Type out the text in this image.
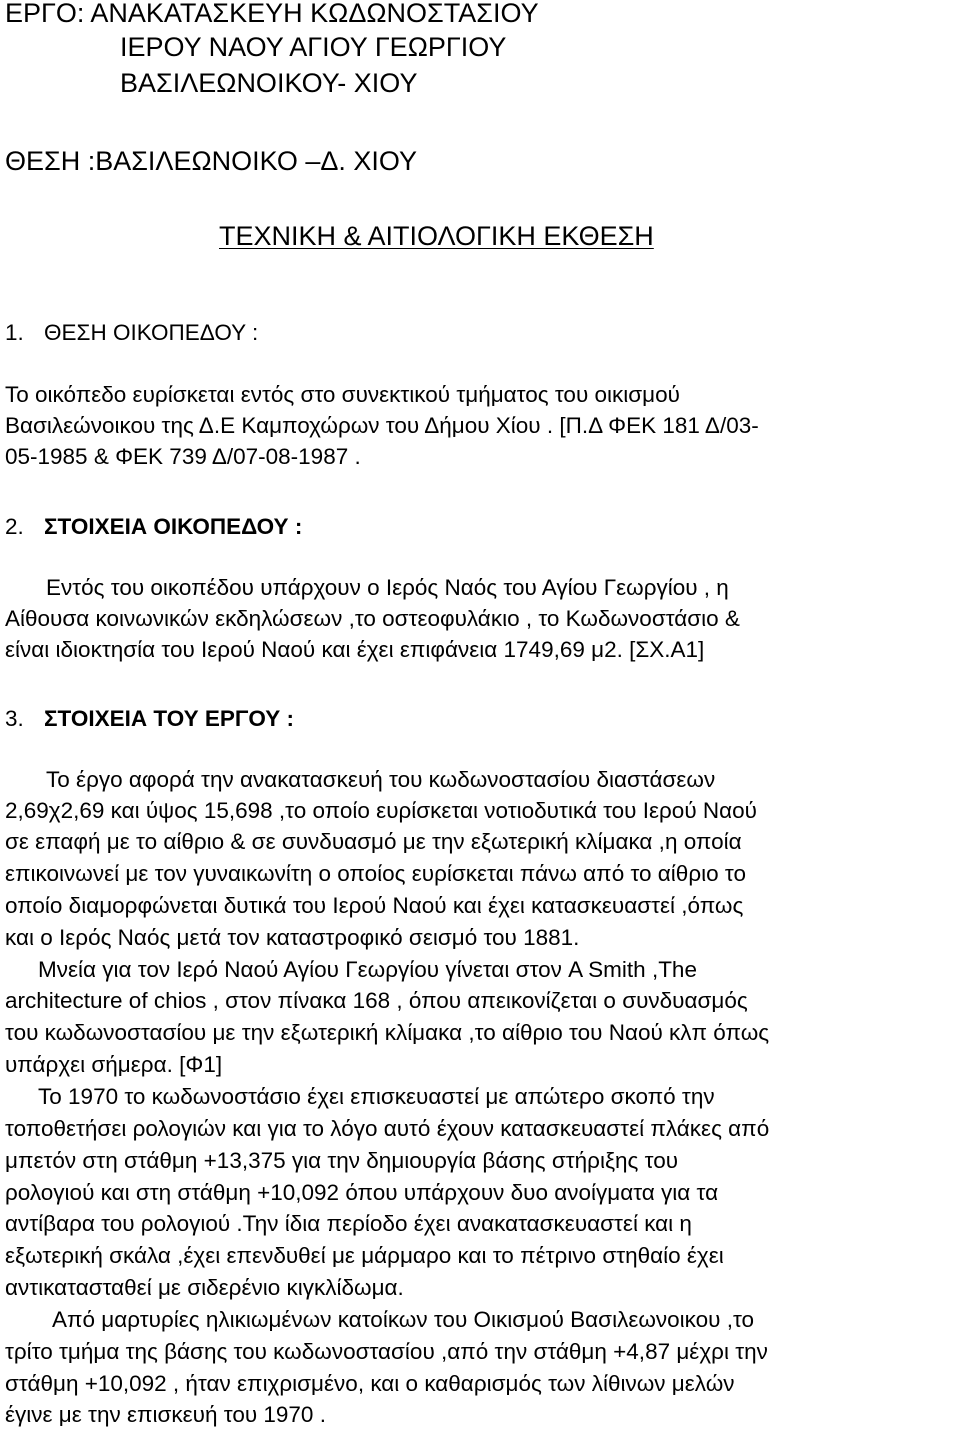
ΕΡΓΟ: ΑΝΑΚΑΤΑΣΚΕΥΗ ΚΩΔΩΝΟΣΤΑΣΙΟΥ
ΙΕΡΟΥ ΝΑΟΥ ΑΓΙΟΥ ΓΕΩΡΓΙΟΥ
ΒΑΣΙΛΕΩΝΟΙΚΟΥ- ΧΙΟΥ
ΘΕΣΗ :ΒΑΣΙΛΕΩΝΟΙΚΟ –Δ. ΧΙΟΥ
ΤΕΧΝΙΚΗ & ΑΙΤΙΟΛΟΓΙΚΗ ΕΚΘΕΣΗ
1. ΘΕΣΗ ΟΙΚΟΠΕΔΟΥ :
Το οικόπεδο ευρίσκεται εντός στο συνεκτικού τμήματος του οικισμού
Βασιλεώνοικου της Δ.Ε Καμποχώρων του Δήμου Χίου . [Π.Δ ΦΕΚ 181 Δ/03-
05-1985 & ΦΕΚ 739 Δ/07-08-1987 .
2. ΣΤΟΙΧΕΙΑ ΟΙΚΟΠΕΔΟΥ :
Εντός του οικοπέδου υπάρχουν ο Ιερός Ναός του Αγίου Γεωργίου , η
Αίθουσα κοινωνικών εκδηλώσεων ,το οστεοφυλάκιο , το Κωδωνοστάσιο &
είναι ιδιοκτησία του Ιερού Ναού και έχει επιφάνεια 1749,69 μ2. [ΣΧ.Α1]
3. ΣΤΟΙΧΕΙΑ ΤΟΥ ΕΡΓΟΥ :
Το έργο αφορά την ανακατασκευή του κωδωνοστασίου διαστάσεων
2,69χ2,69 και ύψος 15,698 ,το οποίο ευρίσκεται νοτιοδυτικά του Ιερού Ναού
σε επαφή με το αίθριο & σε συνδυασμό με την εξωτερική κλίμακα ,η οποία
επικοινωνεί με τον γυναικωνίτη ο οποίος ευρίσκεται πάνω από το αίθριο το
οποίο διαμορφώνεται δυτικά του Ιερού Ναού και έχει κατασκευαστεί ,όπως
και ο Ιερός Ναός μετά τον καταστροφικό σεισμό του 1881.
Μνεία για τον Ιερό Ναού Αγίου Γεωργίου γίνεται στον A Smith ,The
architecture of chios , στον πίνακα 168 , όπου απεικονίζεται ο συνδυασμός
του κωδωνοστασίου με την εξωτερική κλίμακα ,το αίθριο του Ναού κλπ όπως
υπάρχει σήμερα. [Φ1]
Το 1970 το κωδωνοστάσιο έχει επισκευαστεί με απώτερο σκοπό την
τοποθετήσει ρολογιών και για το λόγο αυτό έχουν κατασκευαστεί πλάκες από
μπετόν στη στάθμη +13,375 για την δημιουργία βάσης στήριξης του
ρολογιού και στη στάθμη +10,092 όπου υπάρχουν δυο ανοίγματα για τα
αντίβαρα του ρολογιού .Την ίδια περίοδο έχει ανακατασκευαστεί και η
εξωτερική σκάλα ,έχει επενδυθεί με μάρμαρο και το πέτρινο στηθαίο έχει
αντικατασταθεί με σιδερένιο κιγκλίδωμα.
Από μαρτυρίες ηλικιωμένων κατοίκων του Οικισμού Βασιλεωνοικου ,το
τρίτο τμήμα της βάσης του κωδωνοστασίου ,από την στάθμη +4,87 μέχρι την
στάθμη +10,092 , ήταν επιχρισμένο, και ο καθαρισμός των λίθινων μελών
έγινε με την επισκευή του 1970 .
